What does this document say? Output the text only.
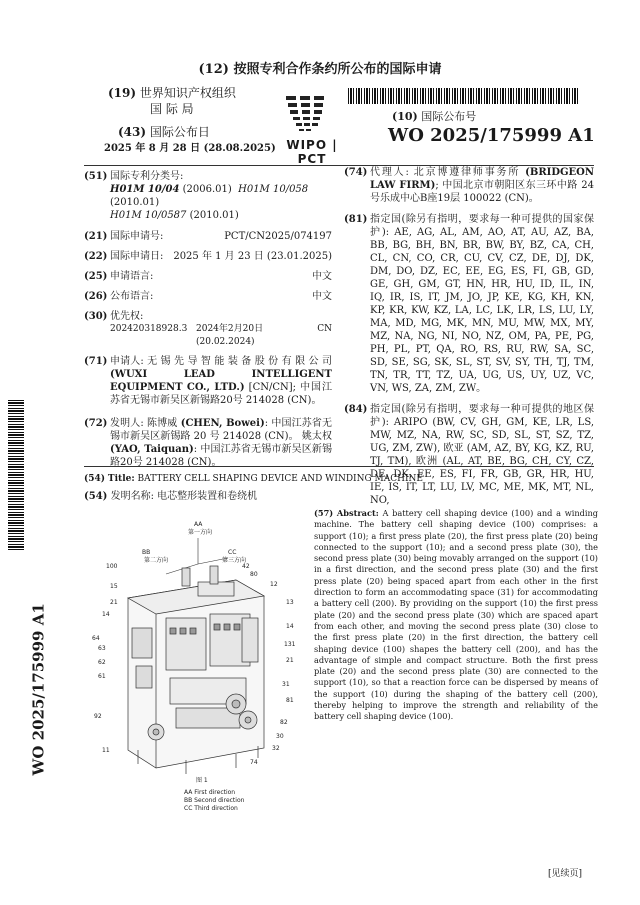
(12) 按照专利合作条约所公布的国际申请
(19) 世界知识产权组织
国 际 局
(43) 国际公布日
2025 年 8 月 28 日 (28.08.2025) WIPO | PCT
(10) 国际公布号
WO 2025/175999 A1
(51) 国际专利分类号:
H01M 10/04 (2006.01) H01M 10/058 (2010.01)
H01M 10/0587 (2010.01)
(21) 国际申请号:	PCT/CN2025/074197
(22) 国际申请日: 2025 年 1 月 23 日 (23.01.2025)
(25) 申请语言:	中文
(26) 公布语言:	中文
(30) 优先权:
202420318928.3 2024年2月20日 (20.02.2024)
CN
(71) 申请人: 无 锡 先 导 智 能 装 备 股 份 有 限 公 司 (WUXI LEAD INTELLIGENT EQUIPMENT CO., LTD.) [CN/CN]; 中国江苏省无锡市新吴区新锡路20号 214028 (CN)。
(72) 发明人: 陈博威 (CHEN, Bowei): 中国江苏省无锡市新吴区新锡路 20 号 214028 (CN)。 姚太权 (YAO, Taiquan): 中国江苏省无锡市新吴区新锡路20号 214028 (CN)。
(74) 代理人: 北京博遵律师事务所 (BRIDGEON LAW FIRM); 中国北京市朝阳区东三环中路 24 号乐成中心B座19层 100022 (CN)。
(81) 指定国(除另有指明，要求每一种可提供的国家保护): AE, AG, AL, AM, AO, AT, AU, AZ, BA, BB, BG, BH, BN, BR, BW, BY, BZ, CA, CH, CL, CN, CO, CR, CU, CV, CZ, DE, DJ, DK, DM, DO, DZ, EC, EE, EG, ES, FI, GB, GD, GE, GH, GM, GT, HN, HR, HU, ID, IL, IN, IQ, IR, IS, IT, JM, JO, JP, KE, KG, KH, KN, KP, KR, KW, KZ, LA, LC, LK, LR, LS, LU, LY, MA, MD, MG, MK, MN, MU, MW, MX, MY, MZ, NA, NG, NI, NO, NZ, OM, PA, PE, PG, PH, PL, PT, QA, RO, RS, RU, RW, SA, SC, SD, SE, SG, SK, SL, ST, SV, SY, TH, TJ, TM, TN, TR, TT, TZ, UA, UG, US, UY, UZ, VC, VN, WS, ZA, ZM, ZW。
(84) 指定国(除另有指明，要求每一种可提供的地区保护): ARIPO (BW, CV, GH, GM, KE, LR, LS, MW, MZ, NA, RW, SC, SD, SL, ST, SZ, TZ, UG, ZM, ZW), 欧亚 (AM, AZ, BY, KG, KZ, RU, TJ, TM), 欧洲 (AL, AT, BE, BG, CH, CY, CZ, DE, DK, EE, ES, FI, FR, GB, GR, HR, HU, IE, IS, IT, LT, LU, LV, MC, ME, MK, MT, NL, NO,
(54) Title: BATTERY CELL SHAPING DEVICE AND WINDING MACHINE
(54) 发明名称: 电芯整形装置和卷绕机
(57) Abstract: A battery cell shaping device (100) and a winding machine. The battery cell shaping device (100) comprises: a support (10); a first press plate (20), the first press plate (20) being connected to the support (10); and a second press plate (30), the second press plate (30) being movably arranged on the support (10) in a first direction, and the second press plate (30) and the first press plate (20) being spaced apart from each other in the first direction to form an accommodating space (31) for accommodating a battery cell (200). By providing on the support (10) the first press plate (20) and the second press plate (30) which are spaced apart from each other, and moving the second press plate (30) close to the first press plate (20) in the first direction, the battery cell shaping device (100) shapes the battery cell (200), and has the advantage of simple and compact structure. Both the first press plate (20) and the second press plate (30) are connected to the support (10), so that a reaction force can be dispersed by means of the support (10) during the shaping of the battery cell (200), thereby helping to improve the strength and reliability of the battery cell shaping device (100).
AA
第一方向
BB
第二方向
CC
第三方向
100
15
21
14
64
63
62
61
92
11
42
80
12
13
14
131
21
31
81
82
30
32
74
图 1
AA First direction
BB Second direction
CC Third direction
WO 2025/175999 A1
[见续页]
